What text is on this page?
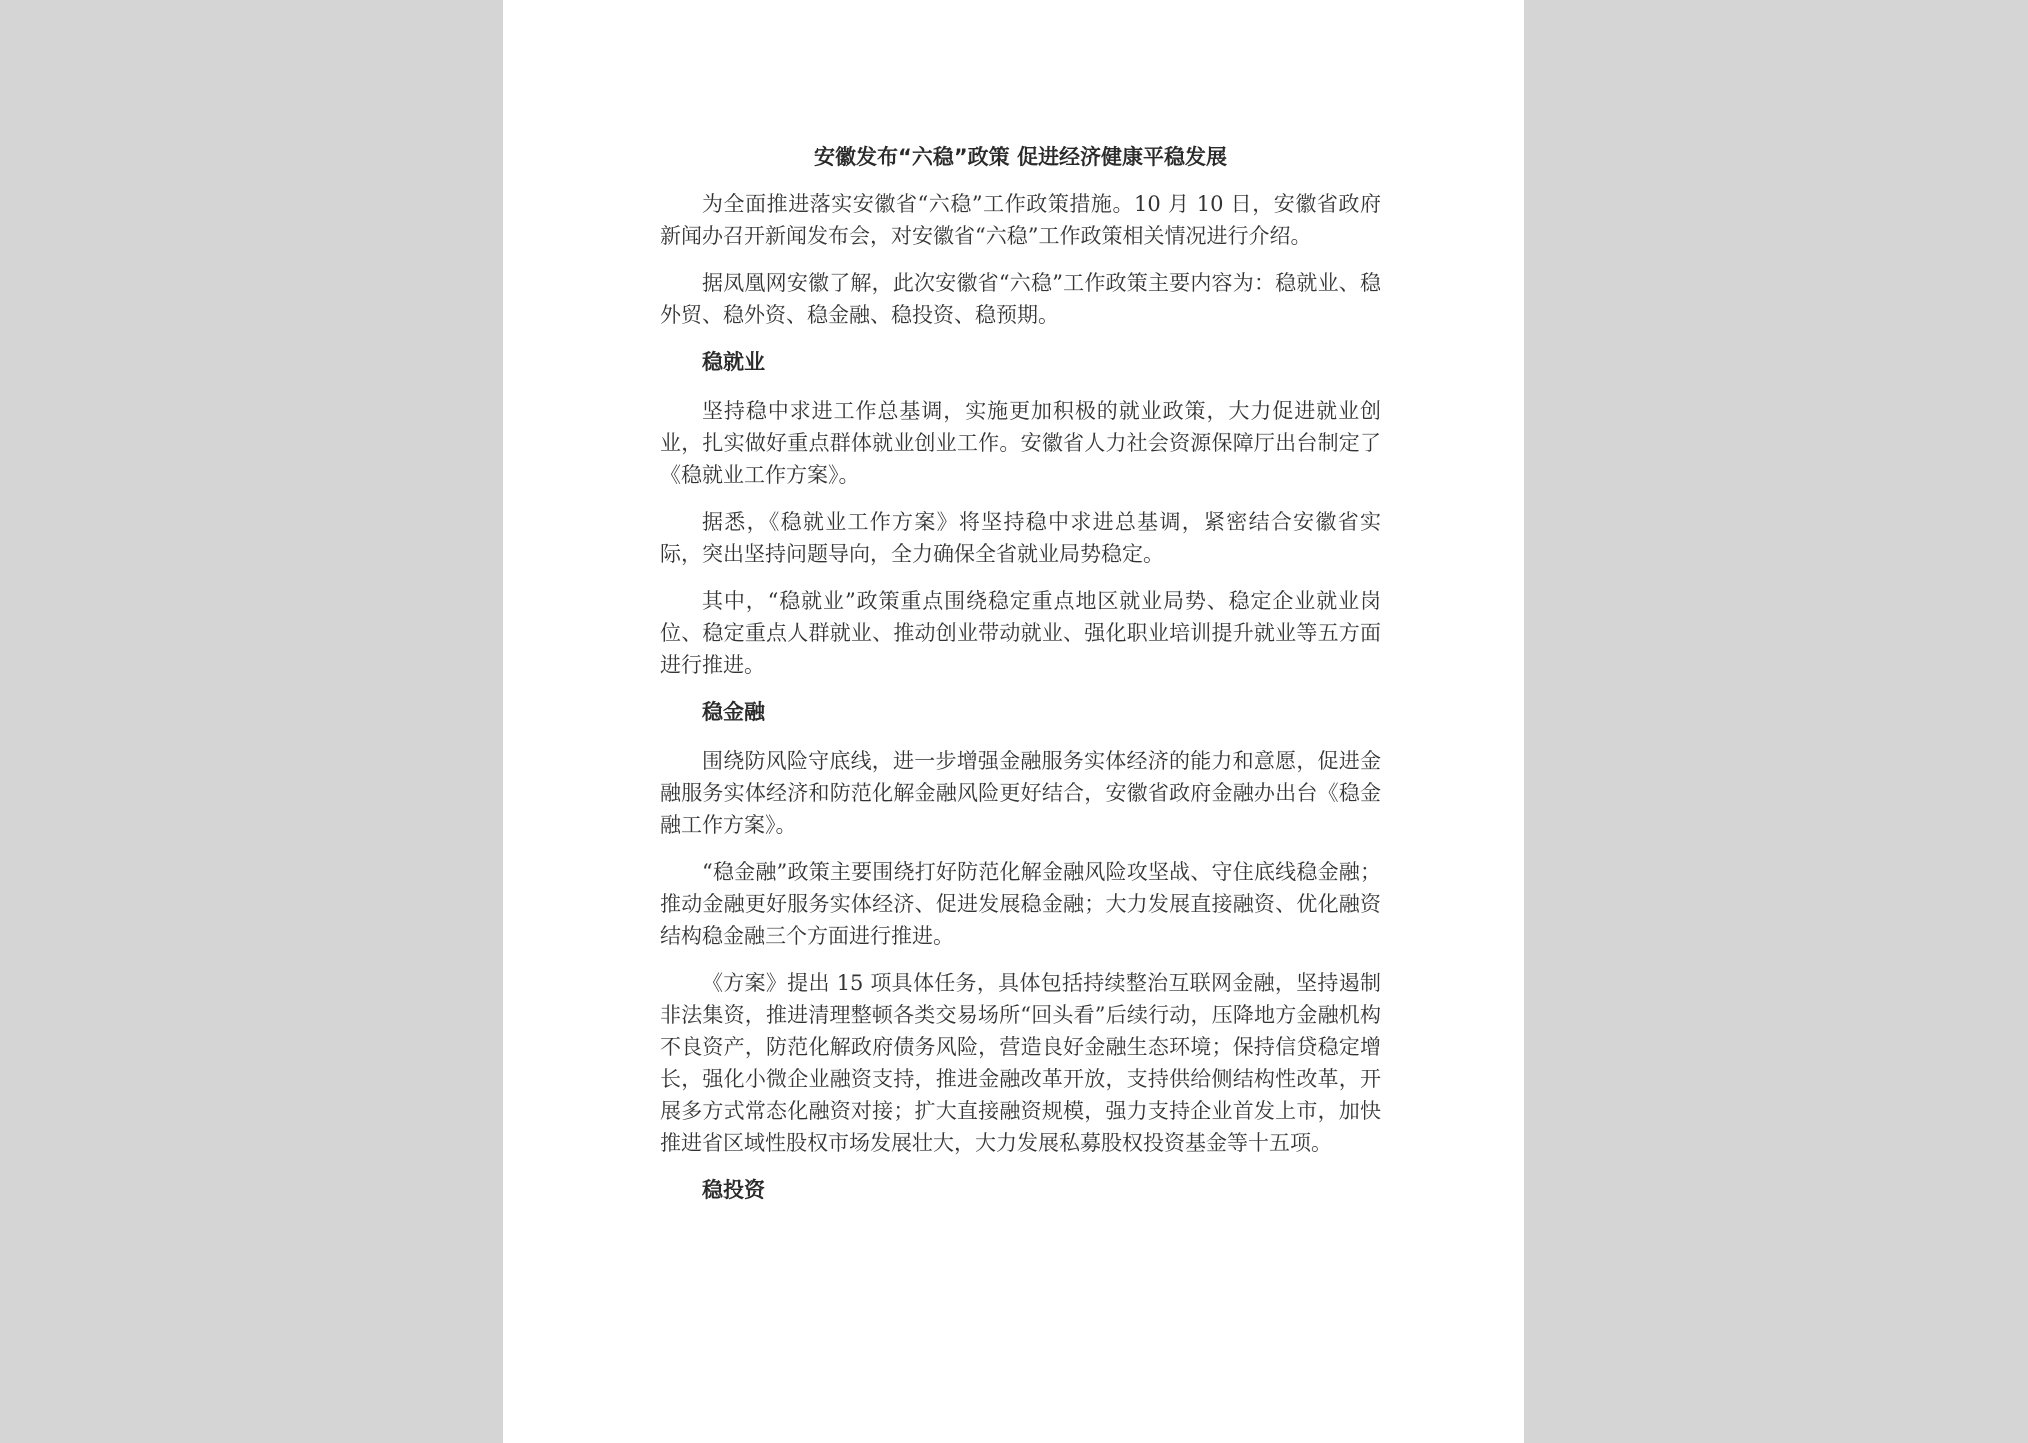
安徽发布“六稳”政策 促进经济健康平稳发展

为全面推进落实安徽省“六稳”工作政策措施。10 月 10 日，安徽省政府新闻办召开新闻发布会，对安徽省“六稳”工作政策相关情况进行介绍。

据凤凰网安徽了解，此次安徽省“六稳”工作政策主要内容为：稳就业、稳外贸、稳外资、稳金融、稳投资、稳预期。

稳就业

坚持稳中求进工作总基调，实施更加积极的就业政策，大力促进就业创业，扎实做好重点群体就业创业工作。安徽省人力社会资源保障厅出台制定了《稳就业工作方案》。

据悉，《稳就业工作方案》将坚持稳中求进总基调，紧密结合安徽省实际，突出坚持问题导向，全力确保全省就业局势稳定。

其中，“稳就业”政策重点围绕稳定重点地区就业局势、稳定企业就业岗位、稳定重点人群就业、推动创业带动就业、强化职业培训提升就业等五方面进行推进。

稳金融

围绕防风险守底线，进一步增强金融服务实体经济的能力和意愿，促进金融服务实体经济和防范化解金融风险更好结合，安徽省政府金融办出台《稳金融工作方案》。

“稳金融”政策主要围绕打好防范化解金融风险攻坚战、守住底线稳金融；推动金融更好服务实体经济、促进发展稳金融；大力发展直接融资、优化融资结构稳金融三个方面进行推进。

《方案》提出 15 项具体任务，具体包括持续整治互联网金融，坚持遏制非法集资，推进清理整顿各类交易场所“回头看”后续行动，压降地方金融机构不良资产，防范化解政府债务风险，营造良好金融生态环境；保持信贷稳定增长，强化小微企业融资支持，推进金融改革开放，支持供给侧结构性改革，开展多方式常态化融资对接；扩大直接融资规模，强力支持企业首发上市，加快推进省区域性股权市场发展壮大，大力发展私募股权投资基金等十五项。

稳投资
